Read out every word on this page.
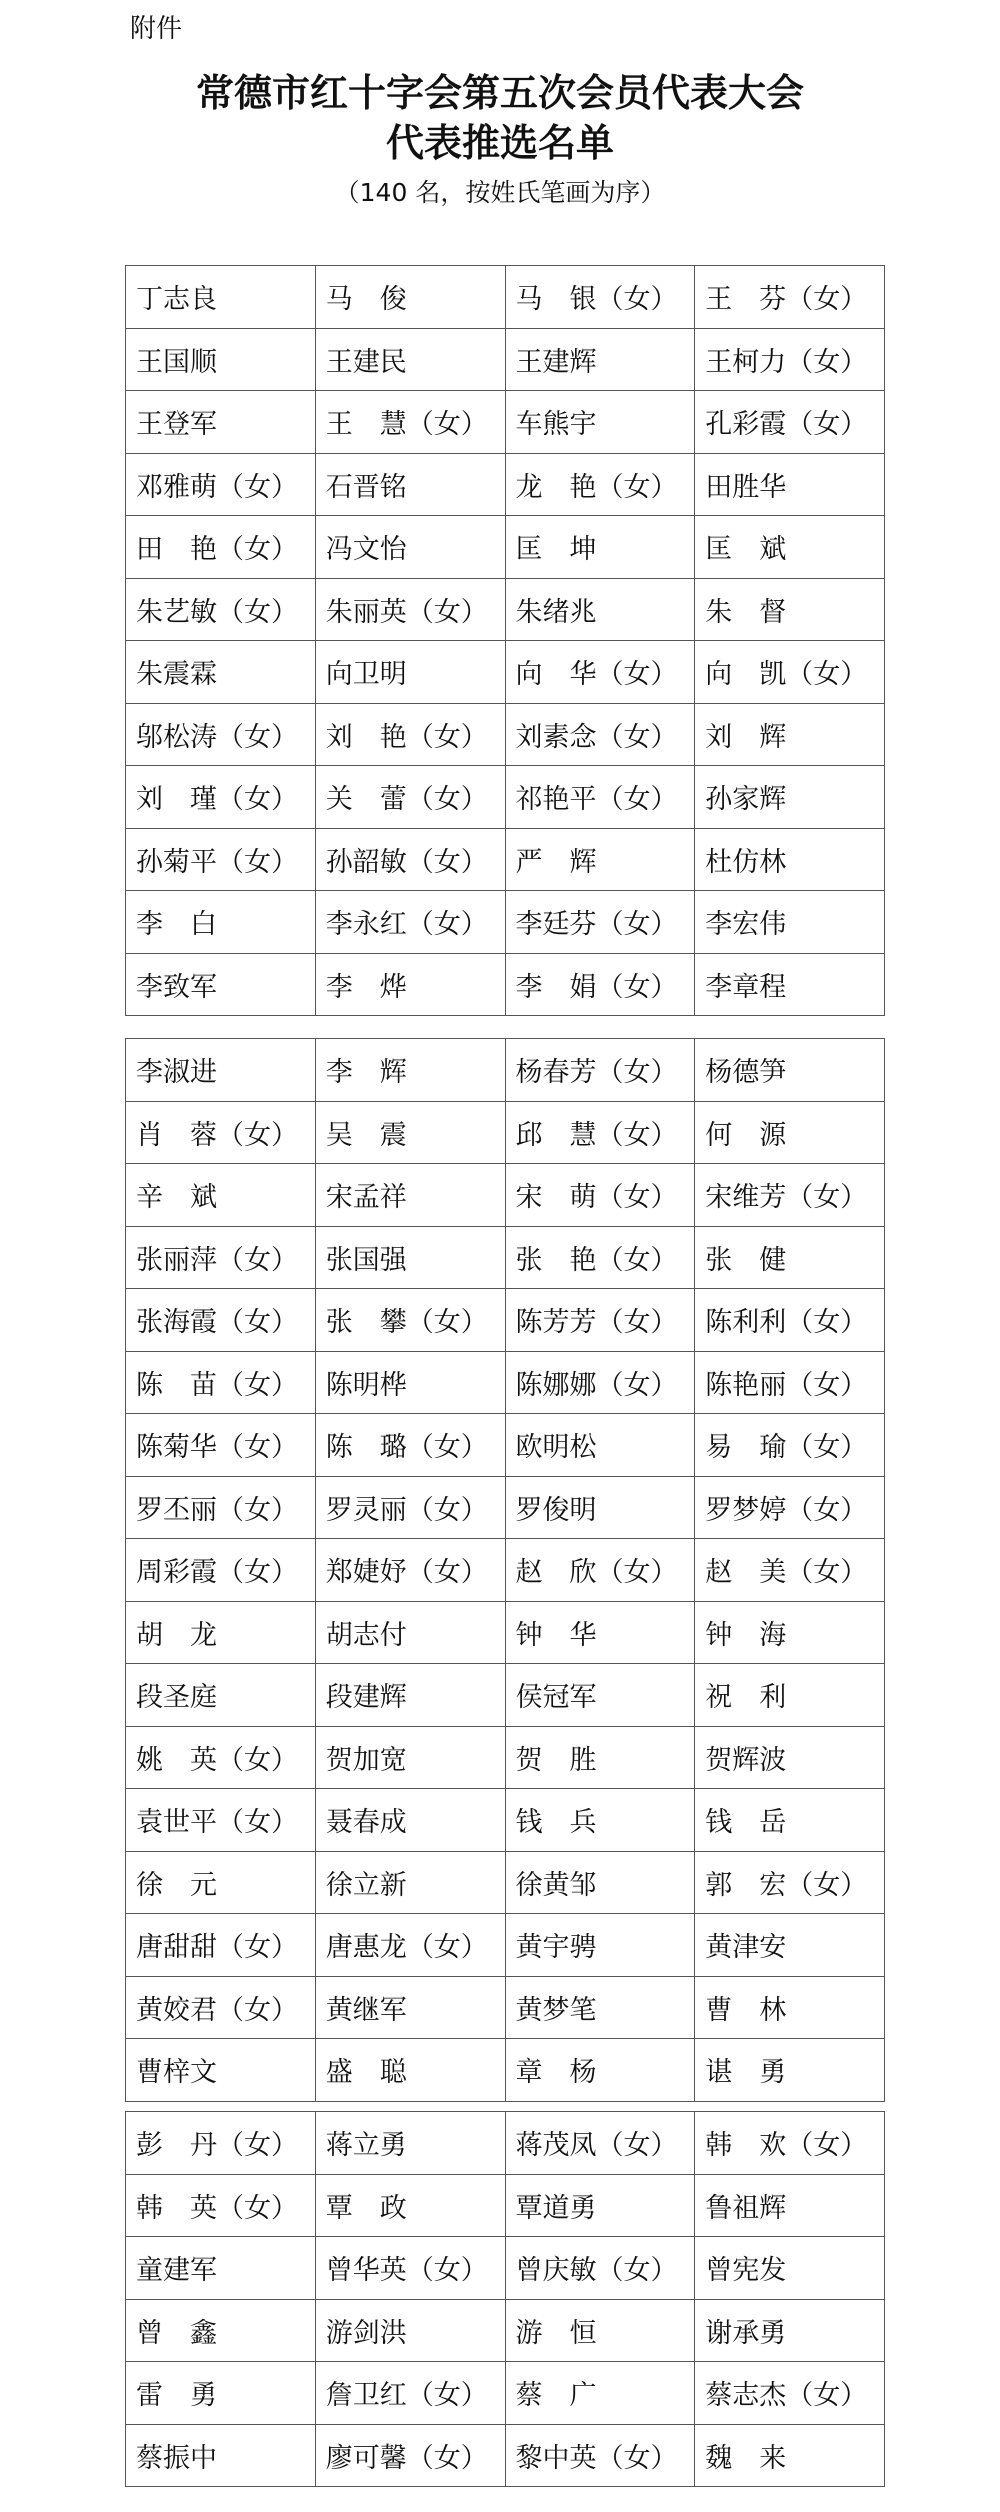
附件
常德市红十字会第五次会员代表大会
代表推选名单
（140 名，按姓氏笔画为序）
丁志良	马　俊	马　银（女）	王　芬（女）
王国顺	王建民	王建辉	王柯力（女）
王登军	王　慧（女）	车熊宇	孔彩霞（女）
邓雅萌（女）	石晋铭	龙　艳（女）	田胜华
田　艳（女）	冯文怡	匡　坤	匡　斌
朱艺敏（女）	朱丽英（女）	朱绪兆	朱　督
朱震霖	向卫明	向　华（女）	向　凯（女）
邬松涛（女）	刘　艳（女）	刘素念（女）	刘　辉
刘　瑾（女）	关　蕾（女）	祁艳平（女）	孙家辉
孙菊平（女）	孙韶敏（女）	严　辉	杜仿林
李　白	李永红（女）	李廷芬（女）	李宏伟
李致军	李　烨	李　娟（女）	李章程
李淑进	李　辉	杨春芳（女）	杨德笋
肖　蓉（女）	吴　震	邱　慧（女）	何　源
辛　斌	宋孟祥	宋　萌（女）	宋维芳（女）
张丽萍（女）	张国强	张　艳（女）	张　健
张海霞（女）	张　攀（女）	陈芳芳（女）	陈利利（女）
陈　苗（女）	陈明桦	陈娜娜（女）	陈艳丽（女）
陈菊华（女）	陈　璐（女）	欧明松	易　瑜（女）
罗丕丽（女）	罗灵丽（女）	罗俊明	罗梦婷（女）
周彩霞（女）	郑婕妤（女）	赵　欣（女）	赵　美（女）
胡　龙	胡志付	钟　华	钟　海
段圣庭	段建辉	侯冠军	祝　利
姚　英（女）	贺加宽	贺　胜	贺辉波
袁世平（女）	聂春成	钱　兵	钱　岳
徐　元	徐立新	徐黄邹	郭　宏（女）
唐甜甜（女）	唐惠龙（女）	黄宇骋	黄津安
黄姣君（女）	黄继军	黄梦笔	曹　林
曹梓文	盛　聪	章　杨	谌　勇
彭　丹（女）	蒋立勇	蒋茂凤（女）	韩　欢（女）
韩　英（女）	覃　政	覃道勇	鲁祖辉
童建军	曾华英（女）	曾庆敏（女）	曾宪发
曾　鑫	游剑洪	游　恒	谢承勇
雷　勇	詹卫红（女）	蔡　广	蔡志杰（女）
蔡振中	廖可馨（女）	黎中英（女）	魏　来
